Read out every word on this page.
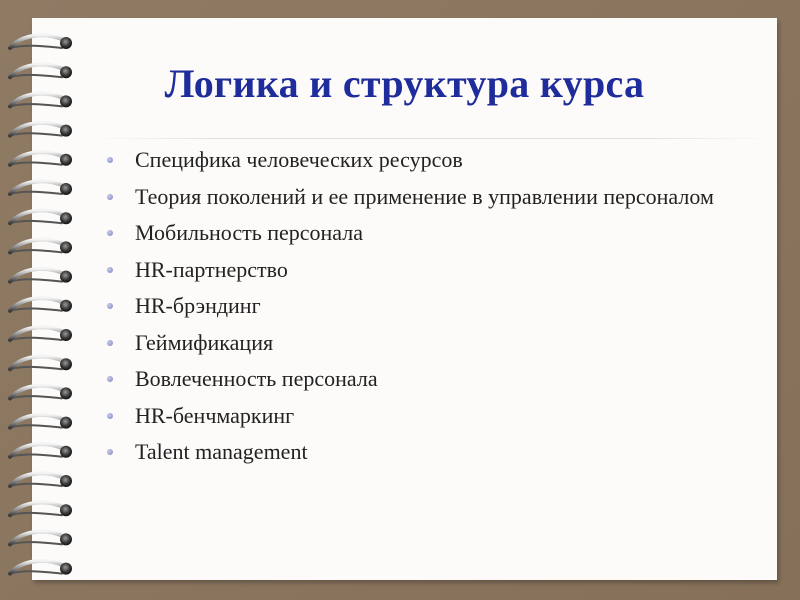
Логика и структура курса
Специфика человеческих ресурсов
Теория поколений и ее применение в управлении персоналом
Мобильность персонала
HR-партнерство
HR-брэндинг
Геймификация
Вовлеченность персонала
HR-бенчмаркинг
Talent management
